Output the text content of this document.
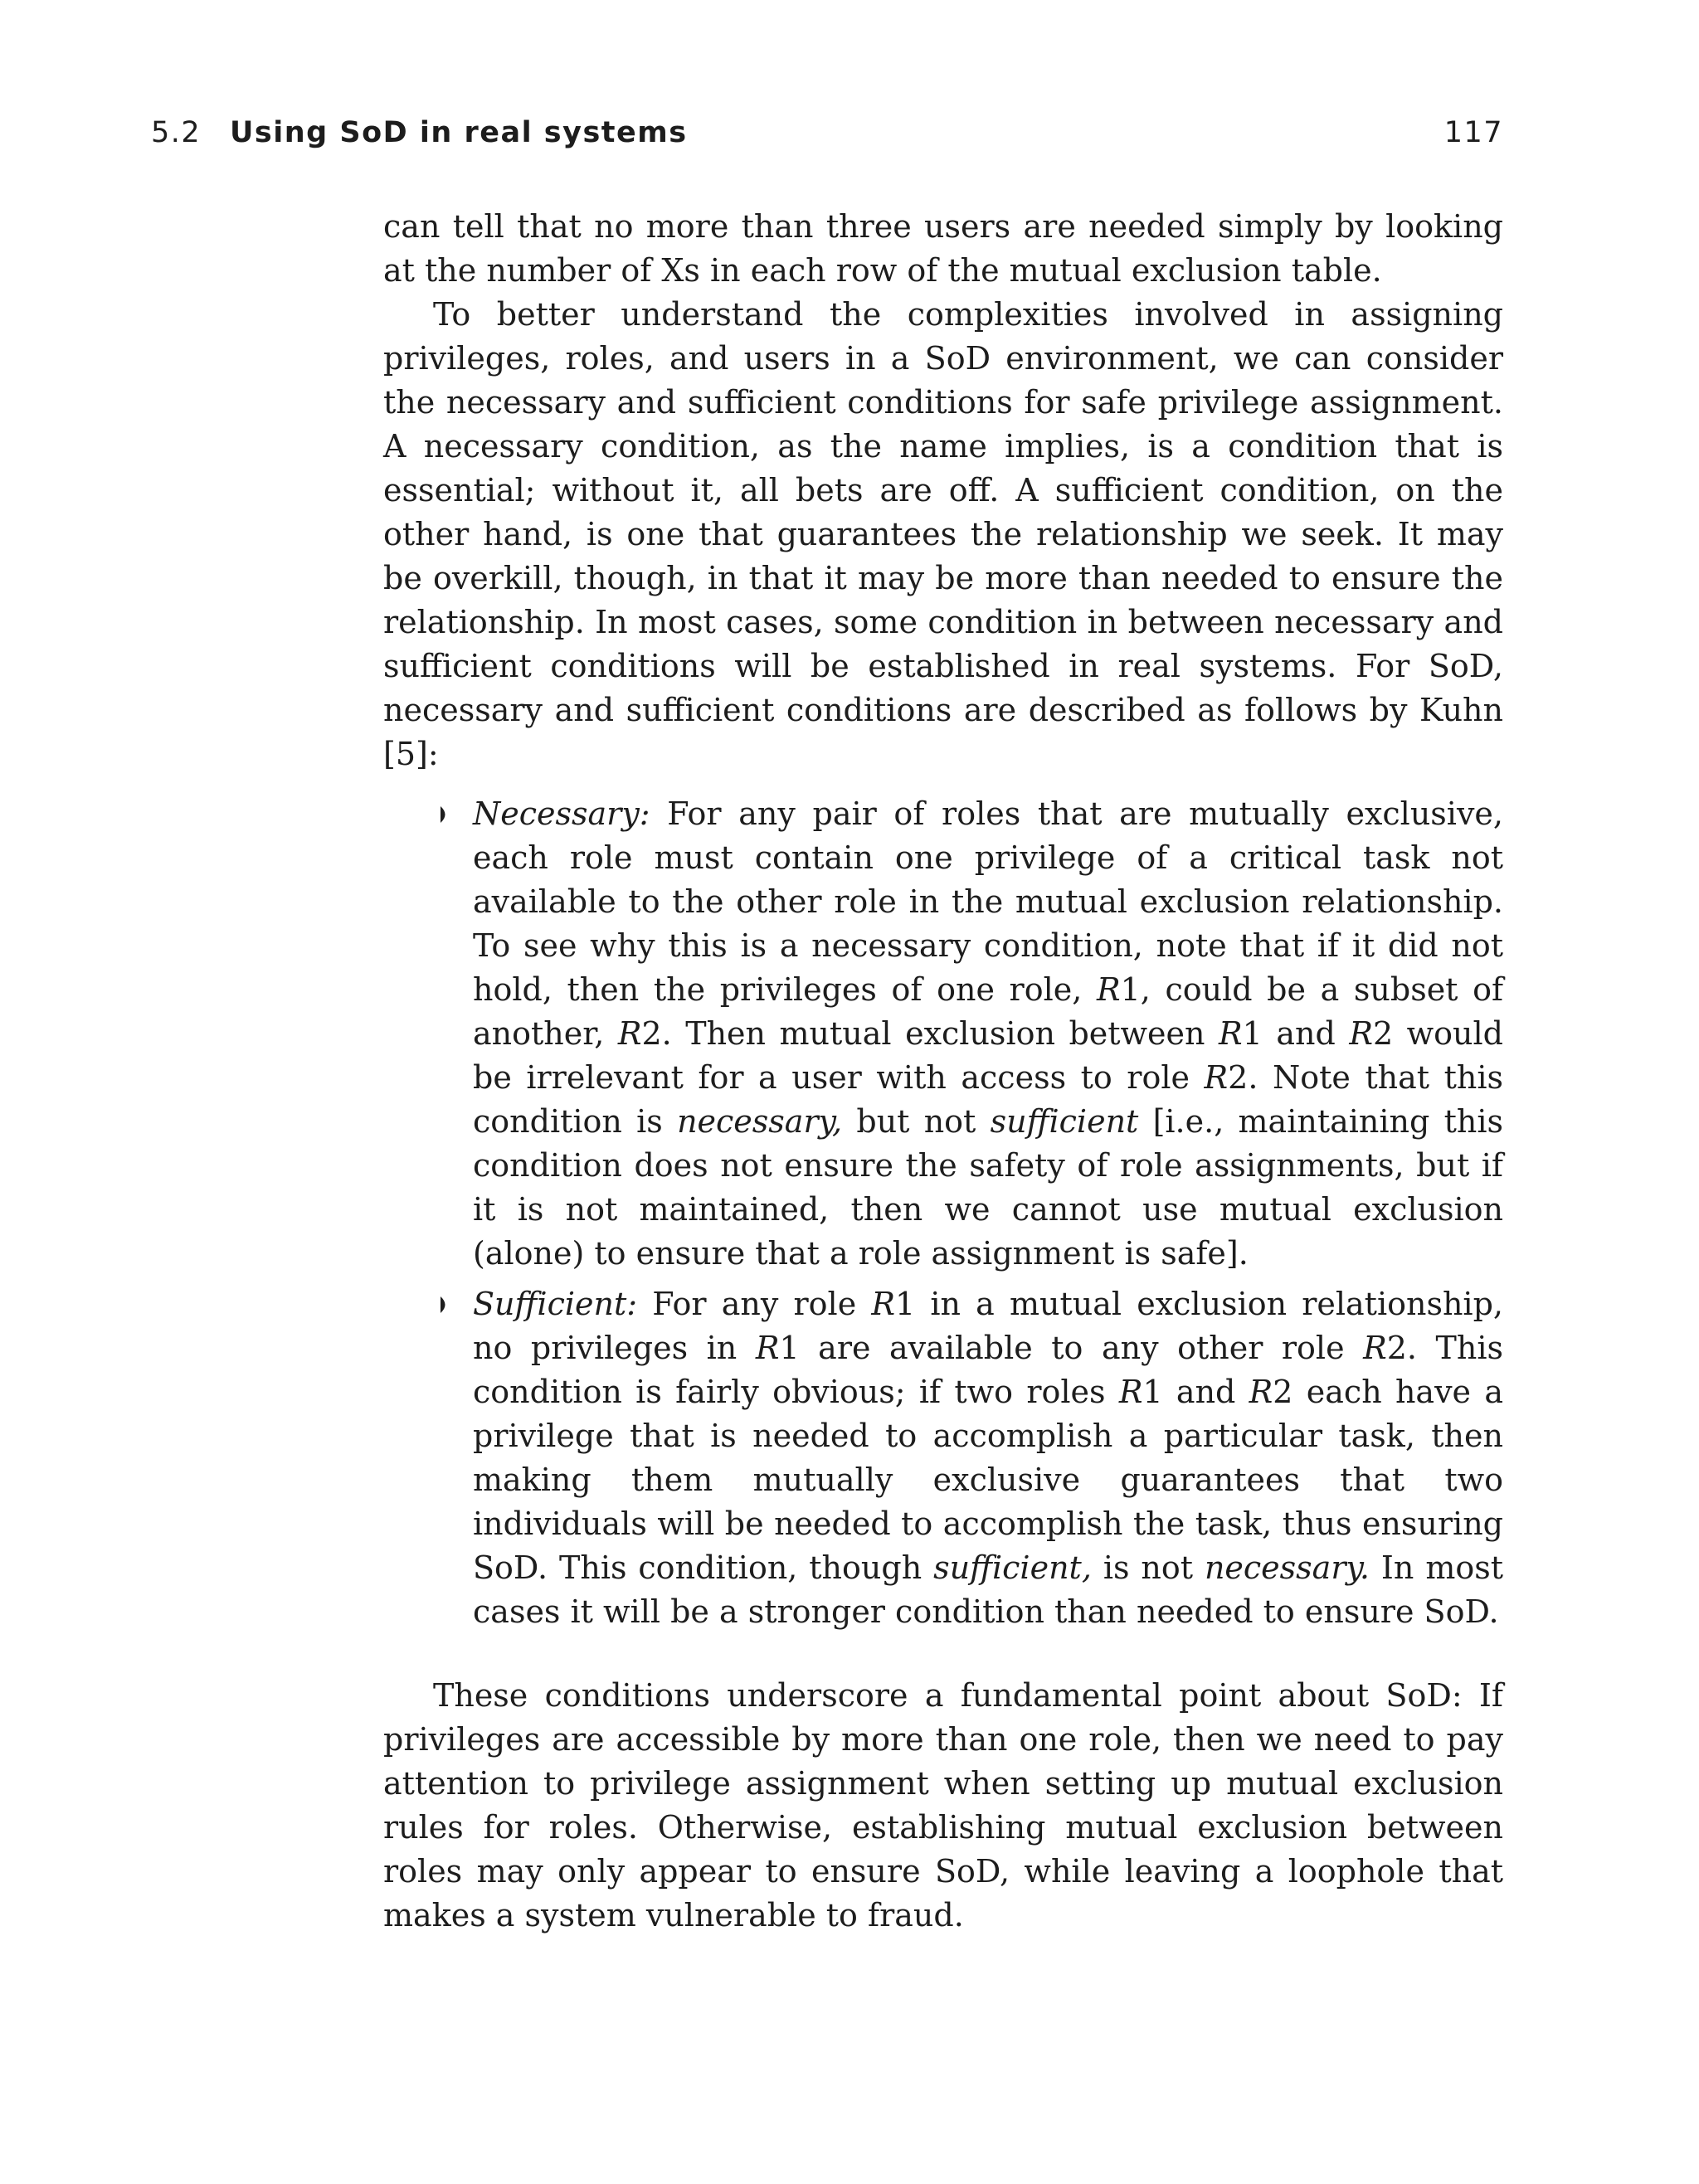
5.2 Using SoD in real systems	117

can tell that no more than three users are needed simply by looking at the number of Xs in each row of the mutual exclusion table.

To better understand the complexities involved in assigning privileges, roles, and users in a SoD environment, we can consider the necessary and sufficient conditions for safe privilege assignment. A necessary condition, as the name implies, is a condition that is essential; without it, all bets are off. A sufficient condition, on the other hand, is one that guarantees the relationship we seek. It may be overkill, though, in that it may be more than needed to ensure the relationship. In most cases, some condition in between necessary and sufficient conditions will be established in real systems. For SoD, necessary and sufficient conditions are described as follows by Kuhn [5]:

Necessary: For any pair of roles that are mutually exclusive, each role must contain one privilege of a critical task not available to the other role in the mutual exclusion relationship. To see why this is a necessary condition, note that if it did not hold, then the privileges of one role, R1, could be a subset of another, R2. Then mutual exclusion between R1 and R2 would be irrelevant for a user with access to role R2. Note that this condition is necessary, but not sufficient [i.e., maintaining this condition does not ensure the safety of role assignments, but if it is not maintained, then we cannot use mutual exclusion (alone) to ensure that a role assignment is safe].
Sufficient: For any role R1 in a mutual exclusion relationship, no privileges in R1 are available to any other role R2. This condition is fairly obvious; if two roles R1 and R2 each have a privilege that is needed to accomplish a particular task, then making them mutually exclusive guarantees that two individuals will be needed to accomplish the task, thus ensuring SoD. This condition, though sufficient, is not necessary. In most cases it will be a stronger condition than needed to ensure SoD.

These conditions underscore a fundamental point about SoD: If privileges are accessible by more than one role, then we need to pay attention to privilege assignment when setting up mutual exclusion rules for roles. Otherwise, establishing mutual exclusion between roles may only appear to ensure SoD, while leaving a loophole that makes a system vulnerable to fraud.
